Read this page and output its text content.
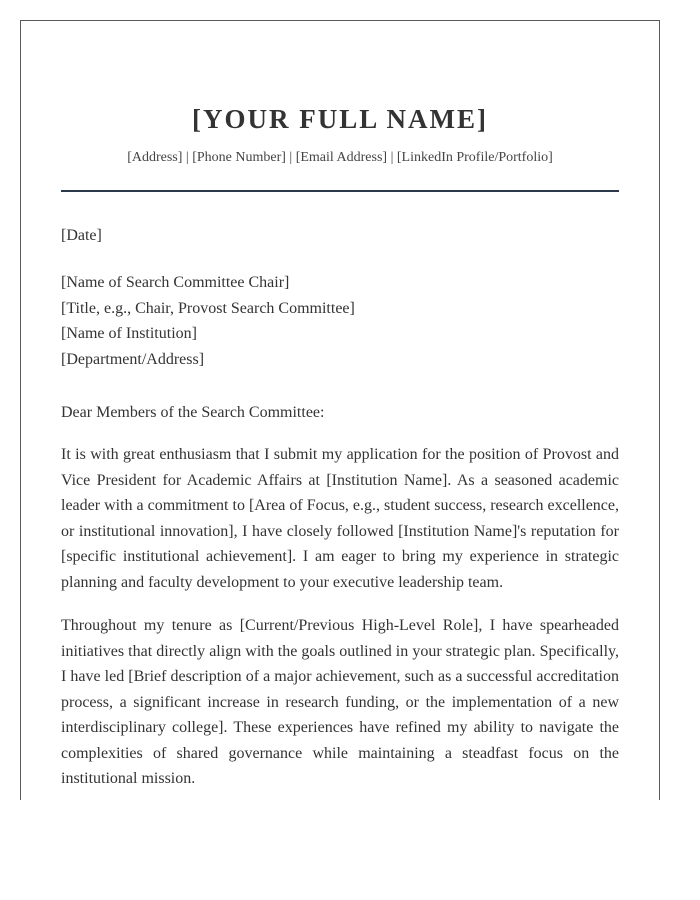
[YOUR FULL NAME]
[Address] | [Phone Number] | [Email Address] | [LinkedIn Profile/Portfolio]
[Date]
[Name of Search Committee Chair]
[Title, e.g., Chair, Provost Search Committee]
[Name of Institution]
[Department/Address]
Dear Members of the Search Committee:

It is with great enthusiasm that I submit my application for the position of Provost and Vice President for Academic Affairs at [Institution Name]. As a seasoned academic leader with a commitment to [Area of Focus, e.g., student success, research excellence, or institutional innovation], I have closely followed [Institution Name]'s reputation for [specific institutional achievement]. I am eager to bring my experience in strategic planning and faculty development to your executive leadership team.

Throughout my tenure as [Current/Previous High-Level Role], I have spearheaded initiatives that directly align with the goals outlined in your strategic plan. Specifically, I have led [Brief description of a major achievement, such as a successful accreditation process, a significant increase in research funding, or the implementation of a new interdisciplinary college]. These experiences have refined my ability to navigate the complexities of shared governance while maintaining a steadfast focus on the institutional mission.
